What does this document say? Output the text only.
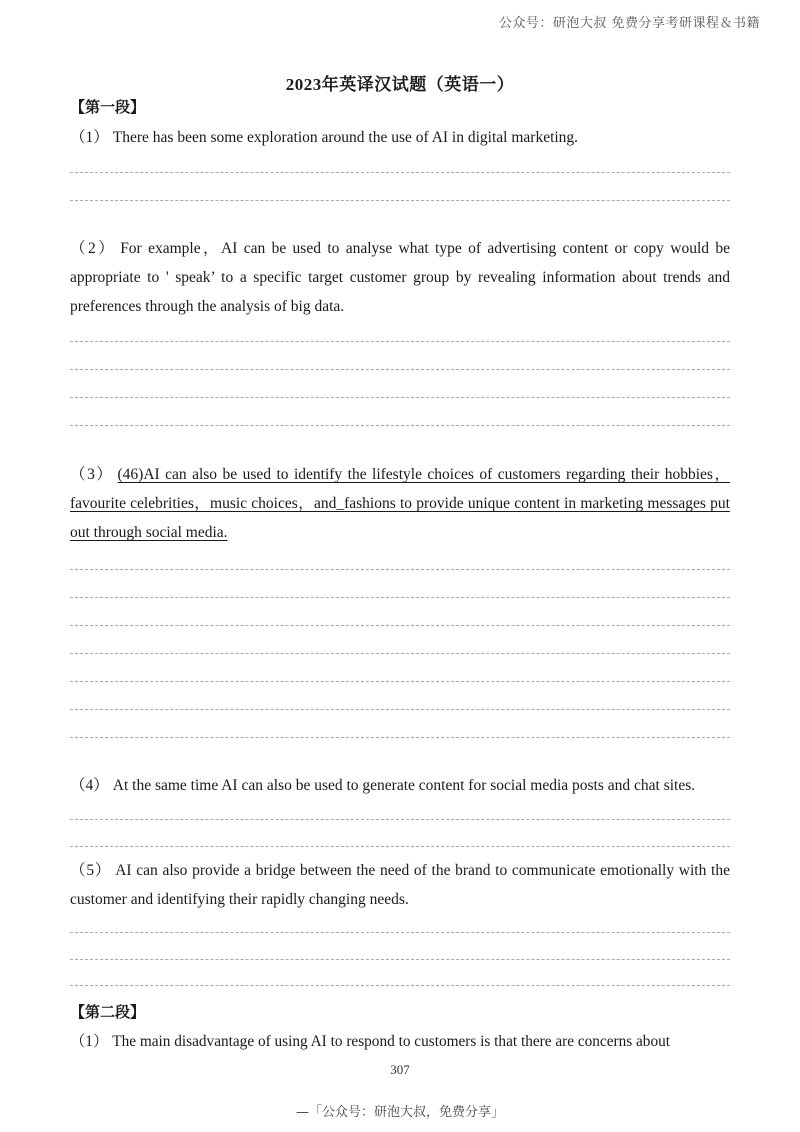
公众号：研泡大叔 免费分享考研课程＆书籍
2023年英译汉试题（英语一）
【第一段】
（1） There has been some exploration around the use of AI in digital marketing.
（2） For example，AI can be used to analyse what type of advertising content or copy would be appropriate to ' speak’ to a specific target customer group by revealing information about trends and preferences through the analysis of big data.
（3） (46)AI can also be used to identify the lifestyle choices of customers regarding their hobbies，favourite celebrities，music choices，and_fashions to provide unique content in marketing messages put out through social media.
（4） At the same time AI can also be used to generate content for social media posts and chat sites.
（5） AI can also provide a bridge between the need of the brand to communicate emotionally with the customer and identifying their rapidly changing needs.
【第二段】
（1） The main disadvantage of using AI to respond to customers is that there are concerns about
307
—「公众号：研泡大叔，免费分享」
